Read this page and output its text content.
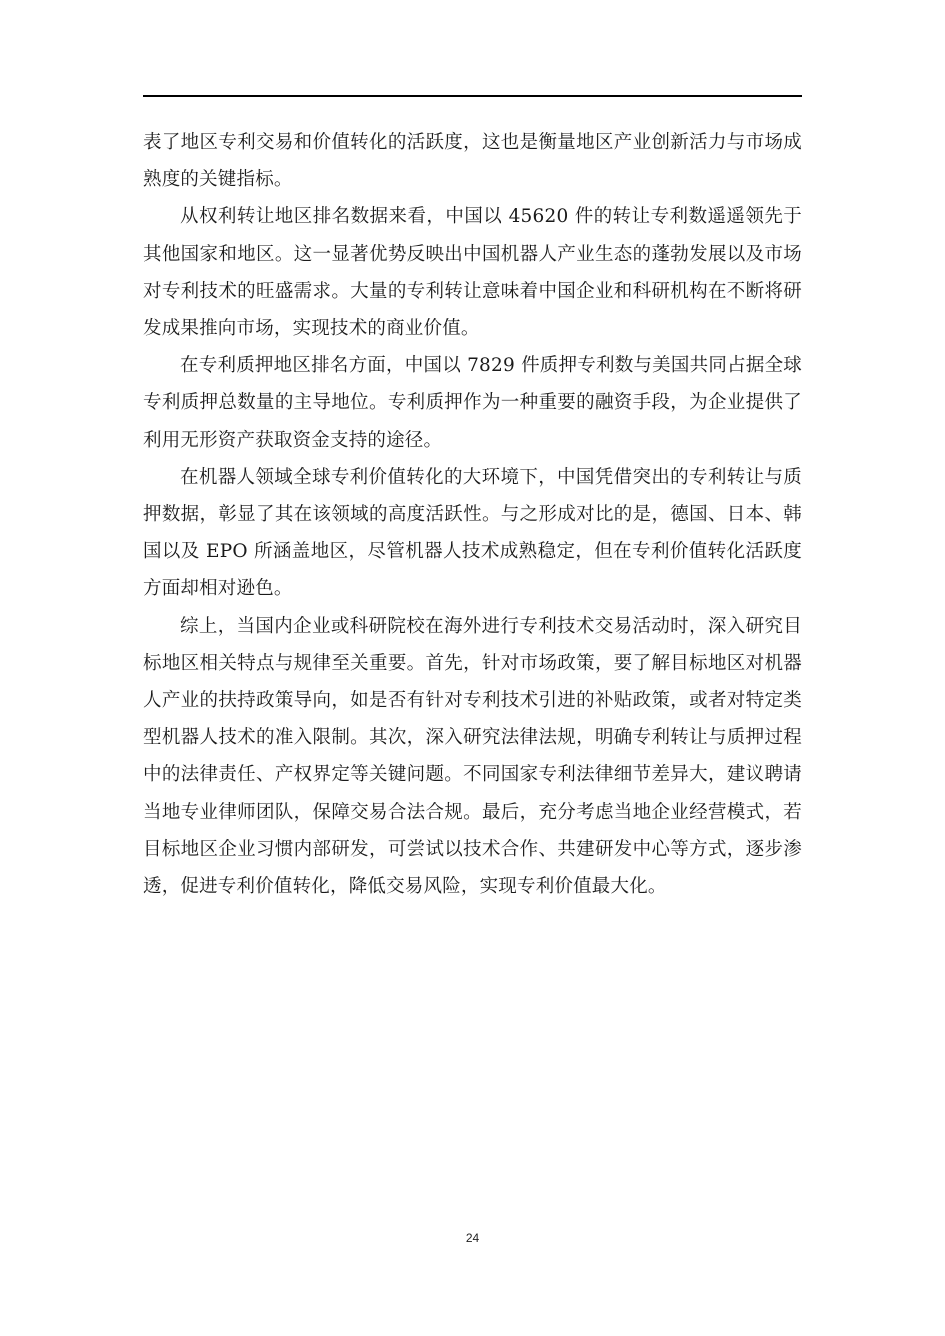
表了地区专利交易和价值转化的活跃度，这也是衡量地区产业创新活力与市场成熟度的关键指标。

从权利转让地区排名数据来看，中国以 45620 件的转让专利数遥遥领先于其他国家和地区。这一显著优势反映出中国机器人产业生态的蓬勃发展以及市场对专利技术的旺盛需求。大量的专利转让意味着中国企业和科研机构在不断将研发成果推向市场，实现技术的商业价值。

在专利质押地区排名方面，中国以 7829 件质押专利数与美国共同占据全球专利质押总数量的主导地位。专利质押作为一种重要的融资手段，为企业提供了利用无形资产获取资金支持的途径。

在机器人领域全球专利价值转化的大环境下，中国凭借突出的专利转让与质押数据，彰显了其在该领域的高度活跃性。与之形成对比的是，德国、日本、韩国以及 EPO 所涵盖地区，尽管机器人技术成熟稳定，但在专利价值转化活跃度方面却相对逊色。

综上，当国内企业或科研院校在海外进行专利技术交易活动时，深入研究目标地区相关特点与规律至关重要。首先，针对市场政策，要了解目标地区对机器人产业的扶持政策导向，如是否有针对专利技术引进的补贴政策，或者对特定类型机器人技术的准入限制。其次，深入研究法律法规，明确专利转让与质押过程中的法律责任、产权界定等关键问题。不同国家专利法律细节差异大，建议聘请当地专业律师团队，保障交易合法合规。最后，充分考虑当地企业经营模式，若目标地区企业习惯内部研发，可尝试以技术合作、共建研发中心等方式，逐步渗透，促进专利价值转化，降低交易风险，实现专利价值最大化。

24
